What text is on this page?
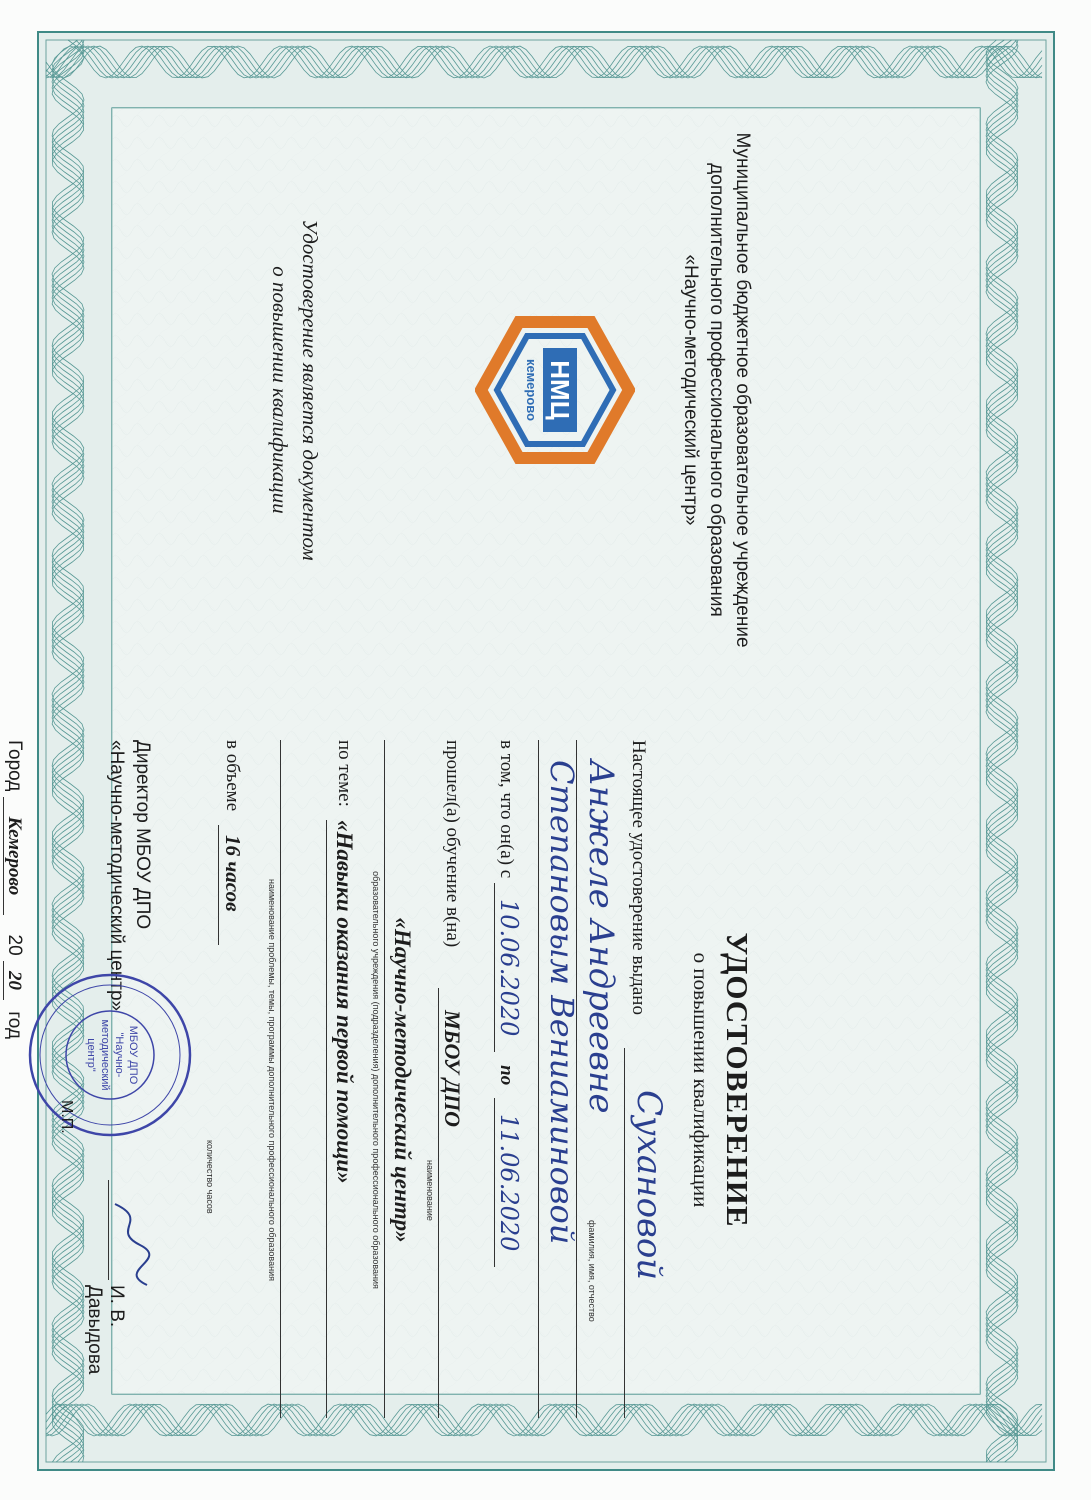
Муниципальное бюджетное образовательное учреждение
дополнительного профессионального образования
«Научно-методический центр»
НМЦ
кемерово
Удостоверение является документом
о повышении квалификации
УДОСТОВЕРЕНИЕ
о повышении квалификации
Настоящее удостоверение выдано
Сухановой
Анжеле Андреевне
фамилия, имя, отчество
Степановым Вениаминовой
в том, что он(а) с 10.06.2020 по 11.06.2020
прошел(а) обучение в(на)
МБОУ ДПО
наименование
«Научно-методический центр»
образовательного учреждения (подразделения) дополнительного профессионального образования
по теме:
«Навыки оказания первой помощи»
наименование проблемы, темы, программы дополнительного профессионального образования
в объеме
16 часов
количество часов
Директор МБОУ ДПО
«Научно-методический центр»
МБОУ ДПО
"Научно-
методический
центр"
И. В. Давыдова
М.П.
Город Кемерово 20 20 год
